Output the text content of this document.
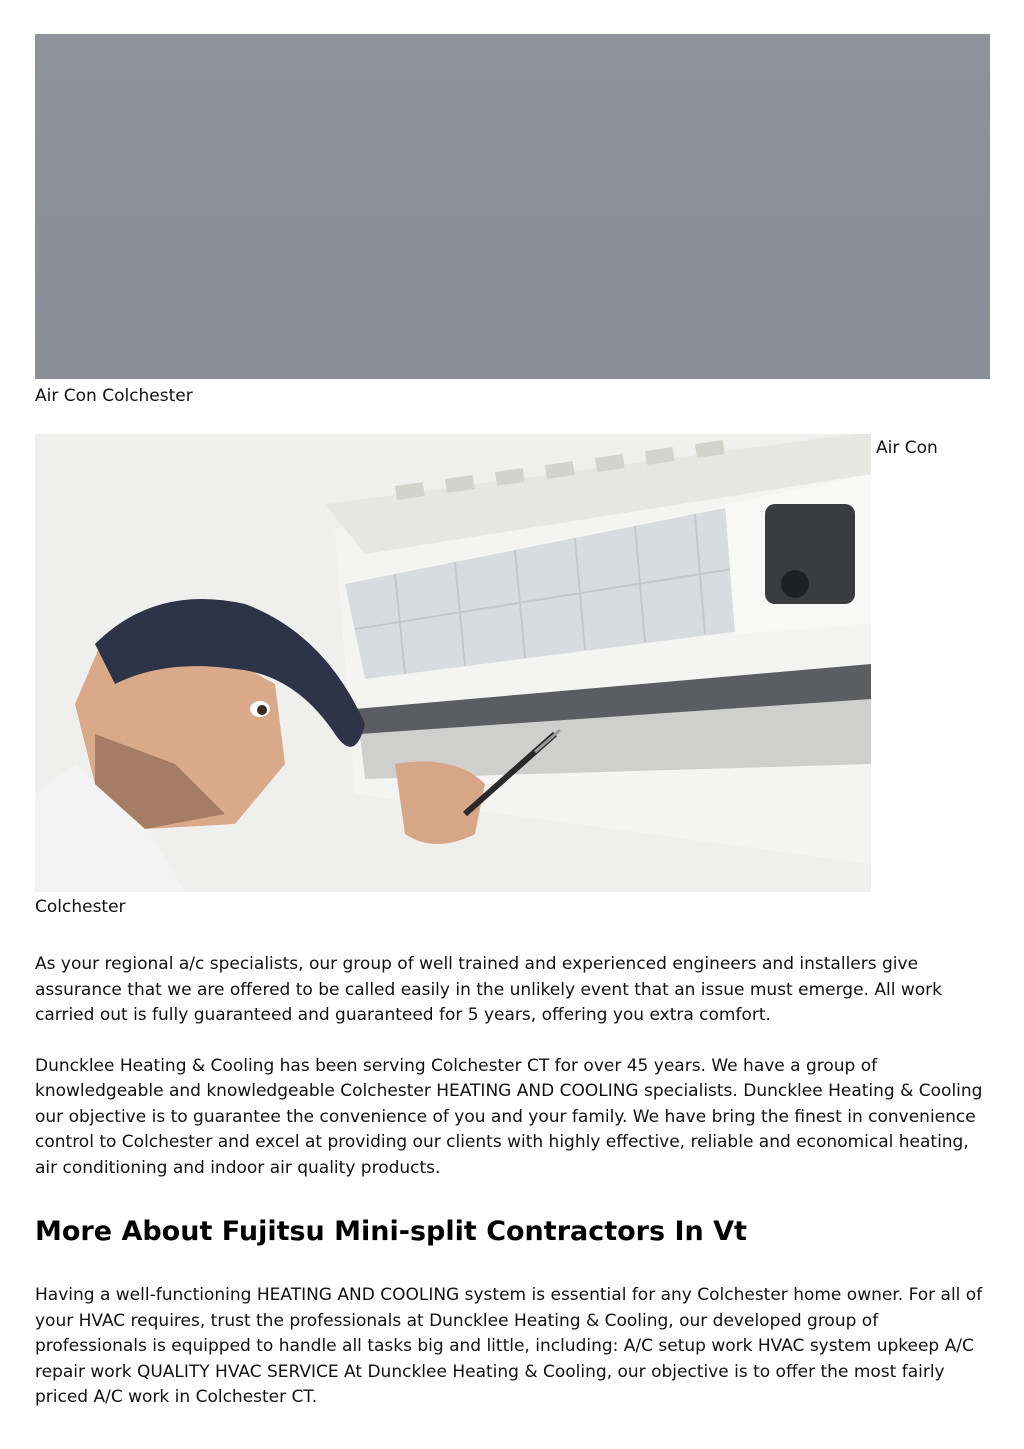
Air Con Colchester
Air Con
Colchester

As your regional a/c specialists, our group of well trained and experienced engineers and installers give assurance that we are offered to be called easily in the unlikely event that an issue must emerge. All work carried out is fully guaranteed and guaranteed for 5 years, offering you extra comfort.

Duncklee Heating & Cooling has been serving Colchester CT for over 45 years. We have a group of knowledgeable and knowledgeable Colchester HEATING AND COOLING specialists. Duncklee Heating & Cooling our objective is to guarantee the convenience of you and your family. We have bring the finest in convenience control to Colchester and excel at providing our clients with highly effective, reliable and economical heating, air conditioning and indoor air quality products.

More About Fujitsu Mini-split Contractors In Vt

Having a well-functioning HEATING AND COOLING system is essential for any Colchester home owner. For all of your HVAC requires, trust the professionals at Duncklee Heating & Cooling, our developed group of professionals is equipped to handle all tasks big and little, including: A/C setup work HVAC system upkeep A/C repair work QUALITY HVAC SERVICE At Duncklee Heating & Cooling, our objective is to offer the most fairly priced A/C work in Colchester CT.
